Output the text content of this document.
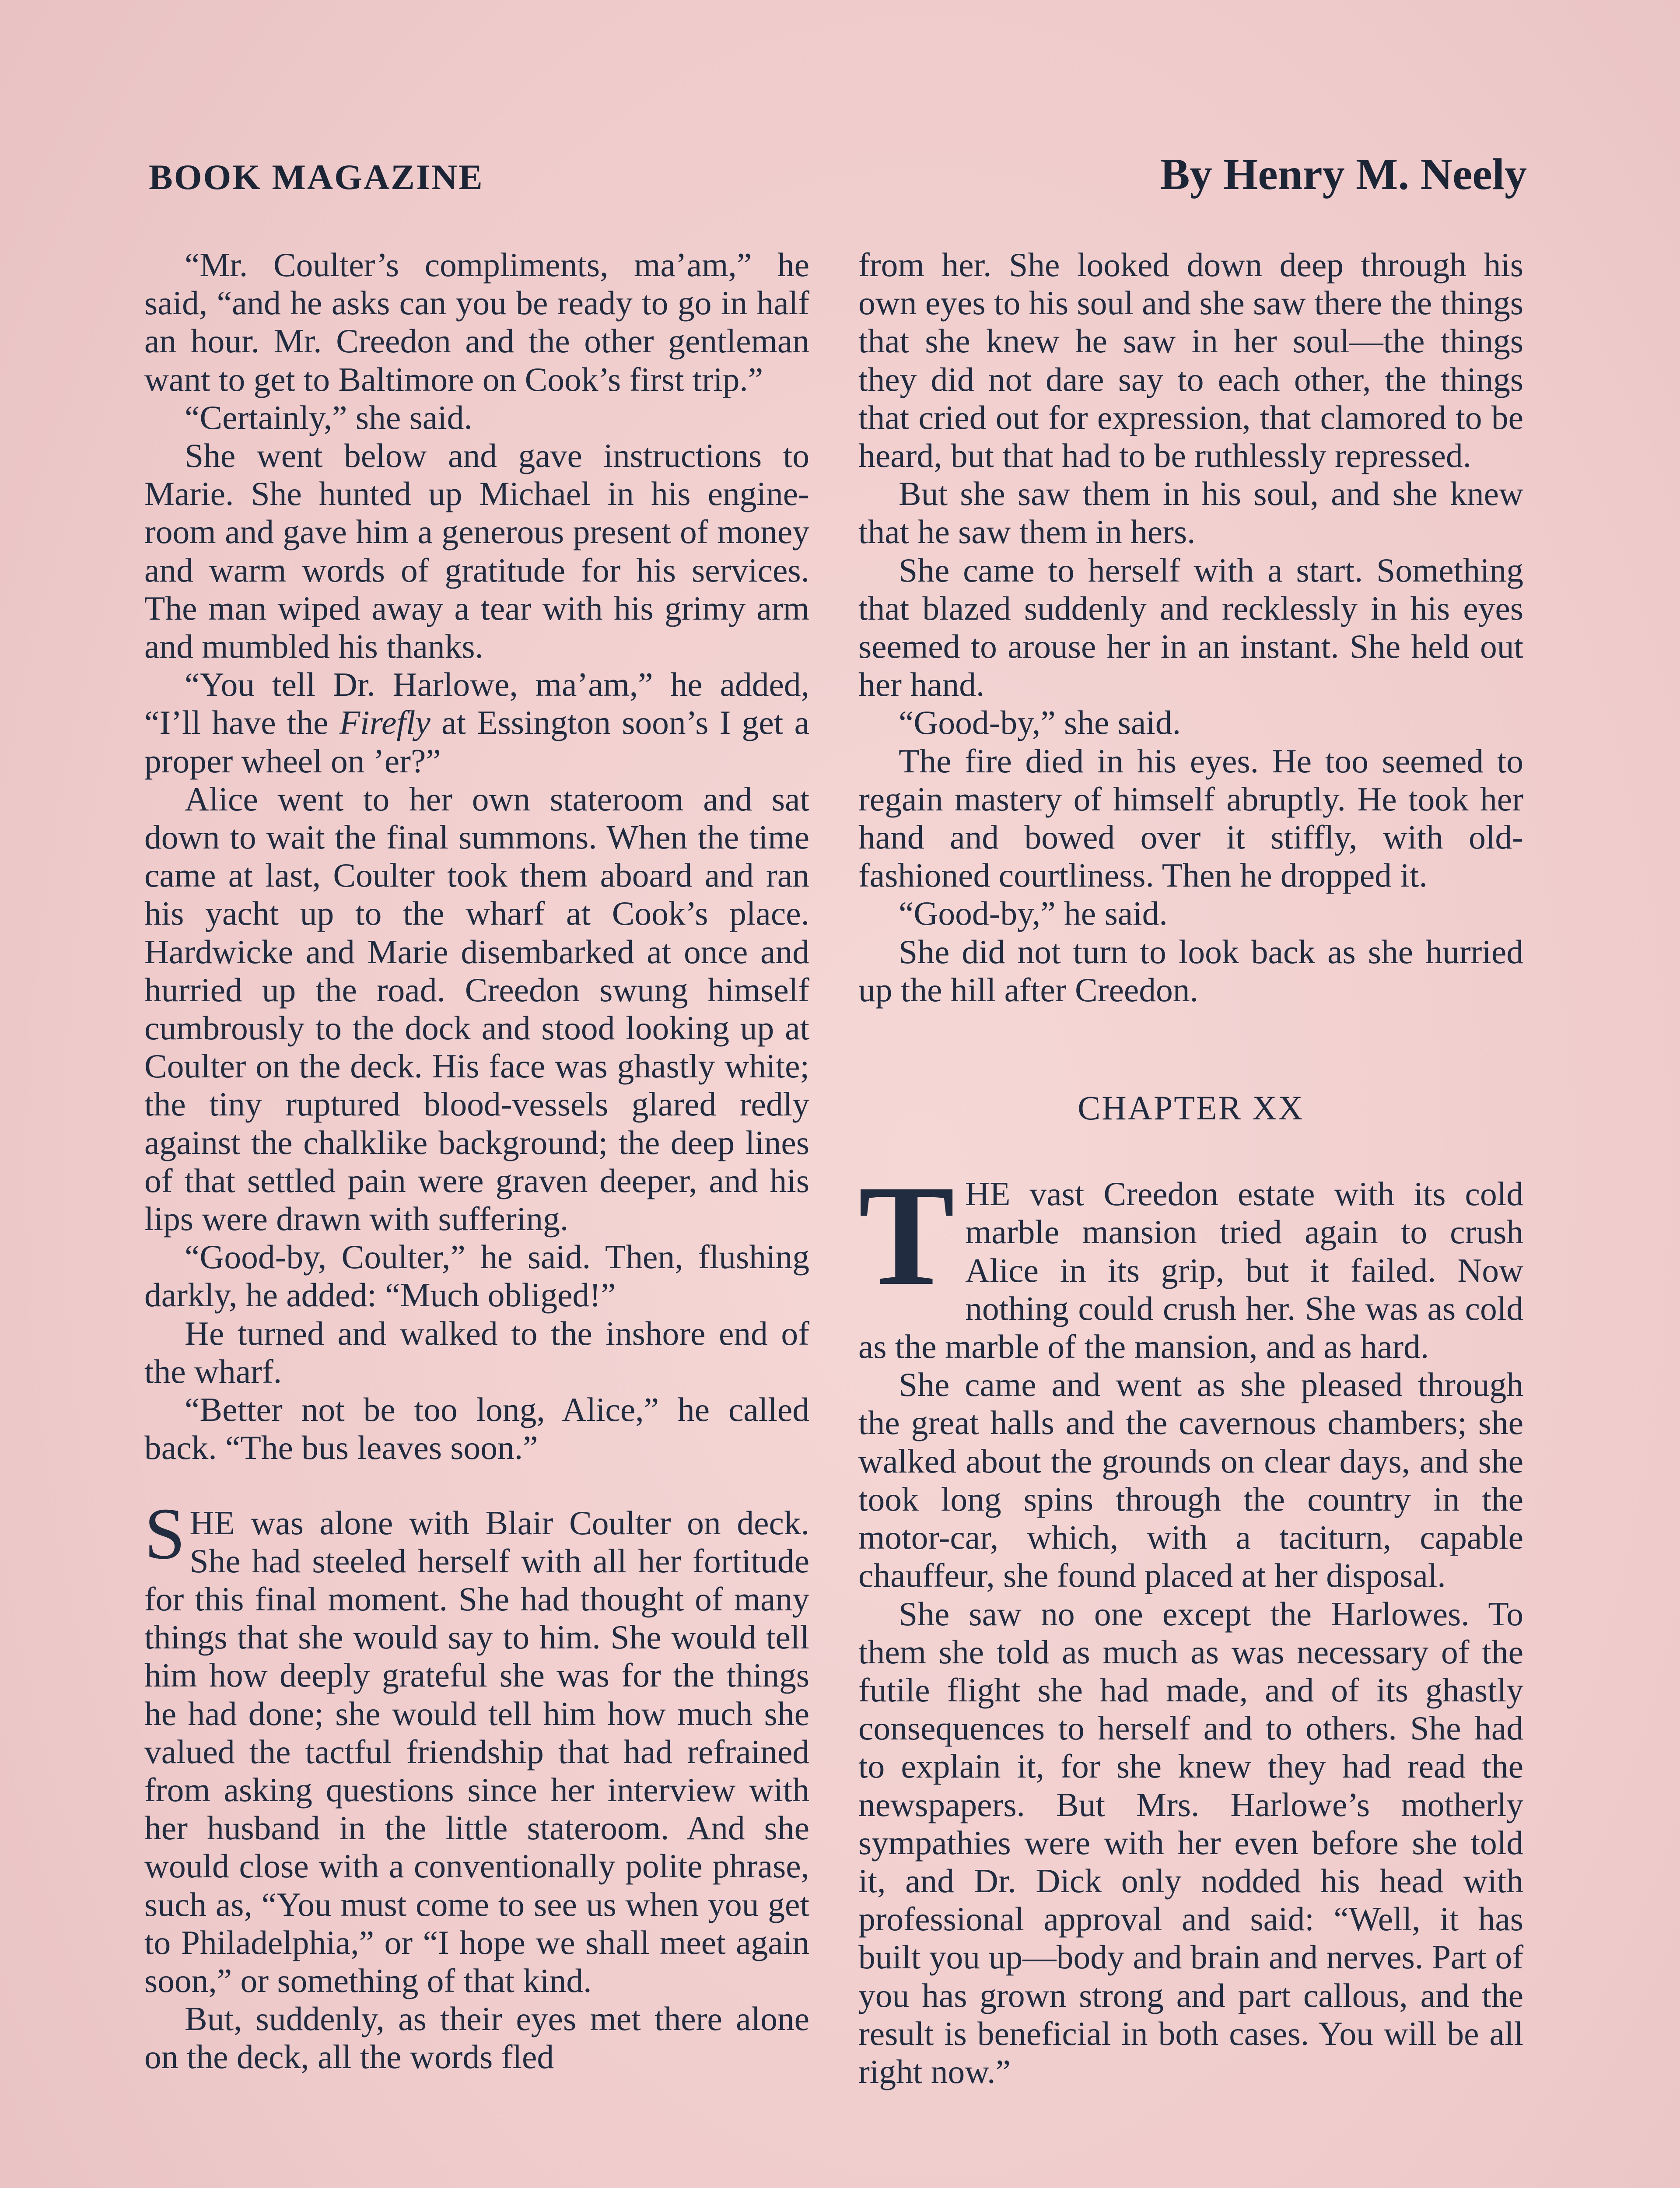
BOOK MAGAZINE	By Henry M. Neely

“Mr. Coulter’s compliments, ma’am,” he said, “and he asks can you be ready to go in half an hour. Mr. Creedon and the other gentleman want to get to Baltimore on Cook’s first trip.”

“Certainly,” she said.

She went below and gave instructions to Marie. She hunted up Michael in his engine-room and gave him a generous present of money and warm words of gratitude for his services. The man wiped away a tear with his grimy arm and mumbled his thanks.

“You tell Dr. Harlowe, ma’am,” he added, “I’ll have the Firefly at Essington soon’s I get a proper wheel on ’er?”

Alice went to her own stateroom and sat down to wait the final summons. When the time came at last, Coulter took them aboard and ran his yacht up to the wharf at Cook’s place. Hardwicke and Marie disembarked at once and hurried up the road. Creedon swung himself cumbrously to the dock and stood looking up at Coulter on the deck. His face was ghastly white; the tiny ruptured blood-vessels glared redly against the chalklike background; the deep lines of that settled pain were graven deeper, and his lips were drawn with suffering.

“Good-by, Coulter,” he said. Then, flushing darkly, he added: “Much obliged!”

He turned and walked to the inshore end of the wharf.

“Better not be too long, Alice,” he called back. “The bus leaves soon.”

SHE was alone with Blair Coulter on deck. She had steeled herself with all her fortitude for this final moment. She had thought of many things that she would say to him. She would tell him how deeply grateful she was for the things he had done; she would tell him how much she valued the tactful friendship that had refrained from asking questions since her interview with her husband in the little stateroom. And she would close with a conventionally polite phrase, such as, “You must come to see us when you get to Philadelphia,” or “I hope we shall meet again soon,” or something of that kind.

But, suddenly, as their eyes met there alone on the deck, all the words fled

from her. She looked down deep through his own eyes to his soul and she saw there the things that she knew he saw in her soul—the things they did not dare say to each other, the things that cried out for expression, that clamored to be heard, but that had to be ruthlessly repressed.

But she saw them in his soul, and she knew that he saw them in hers.

She came to herself with a start. Something that blazed suddenly and recklessly in his eyes seemed to arouse her in an instant. She held out her hand.

“Good-by,” she said.

The fire died in his eyes. He too seemed to regain mastery of himself abruptly. He took her hand and bowed over it stiffly, with old-fashioned courtliness. Then he dropped it.

“Good-by,” he said.

She did not turn to look back as she hurried up the hill after Creedon.

CHAPTER XX

THE vast Creedon estate with its cold marble mansion tried again to crush Alice in its grip, but it failed. Now nothing could crush her. She was as cold as the marble of the mansion, and as hard.

She came and went as she pleased through the great halls and the cavernous chambers; she walked about the grounds on clear days, and she took long spins through the country in the motor-car, which, with a taciturn, capable chauffeur, she found placed at her disposal.

She saw no one except the Harlowes. To them she told as much as was necessary of the futile flight she had made, and of its ghastly consequences to herself and to others. She had to explain it, for she knew they had read the newspapers. But Mrs. Harlowe’s motherly sympathies were with her even before she told it, and Dr. Dick only nodded his head with professional approval and said: “Well, it has built you up—body and brain and nerves. Part of you has grown strong and part callous, and the result is beneficial in both cases. You will be all right now.”
